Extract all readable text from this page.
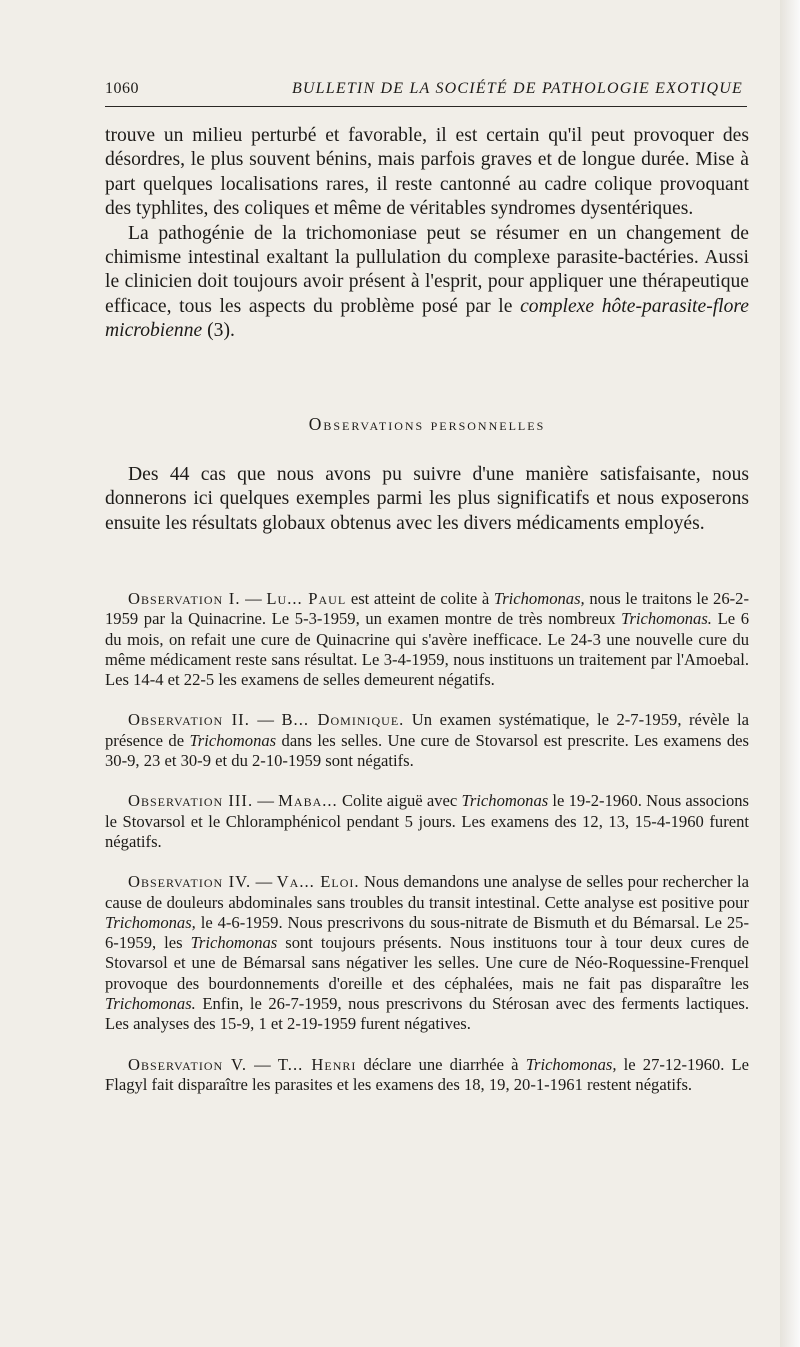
1060	BULLETIN DE LA SOCIÉTÉ DE PATHOLOGIE EXOTIQUE

trouve un milieu perturbé et favorable, il est certain qu'il peut provoquer des désordres, le plus souvent bénins, mais parfois graves et de longue durée. Mise à part quelques localisations rares, il reste cantonné au cadre colique provoquant des typhlites, des coliques et même de véritables syndromes dysentériques.

La pathogénie de la trichomoniase peut se résumer en un changement de chimisme intestinal exaltant la pullulation du complexe parasite-bactéries. Aussi le clinicien doit toujours avoir présent à l'esprit, pour appliquer une thérapeutique efficace, tous les aspects du problème posé par le complexe hôte-parasite-flore microbienne (3).

Observations personnelles

Des 44 cas que nous avons pu suivre d'une manière satisfaisante, nous donnerons ici quelques exemples parmi les plus significatifs et nous exposerons ensuite les résultats globaux obtenus avec les divers médicaments employés.

Observation I. — Lu... Paul est atteint de colite à Trichomonas, nous le traitons le 26-2-1959 par la Quinacrine. Le 5-3-1959, un examen montre de très nombreux Trichomonas. Le 6 du mois, on refait une cure de Quinacrine qui s'avère inefficace. Le 24-3 une nouvelle cure du même médicament reste sans résultat. Le 3-4-1959, nous instituons un traitement par l'Amoebal. Les 14-4 et 22-5 les examens de selles demeurent négatifs.

Observation II. — B... Dominique. Un examen systématique, le 2-7-1959, révèle la présence de Trichomonas dans les selles. Une cure de Stovarsol est prescrite. Les examens des 30-9, 23 et 30-9 et du 2-10-1959 sont négatifs.

Observation III. — Maba... Colite aiguë avec Trichomonas le 19-2-1960. Nous associons le Stovarsol et le Chloramphénicol pendant 5 jours. Les examens des 12, 13, 15-4-1960 furent négatifs.

Observation IV. — Va... Eloi. Nous demandons une analyse de selles pour rechercher la cause de douleurs abdominales sans troubles du transit intestinal. Cette analyse est positive pour Trichomonas, le 4-6-1959. Nous prescrivons du sous-nitrate de Bismuth et du Bémarsal. Le 25-6-1959, les Trichomonas sont toujours présents. Nous instituons tour à tour deux cures de Stovarsol et une de Bémarsal sans négativer les selles. Une cure de Néo-Roquessine-Frenquel provoque des bourdonnements d'oreille et des céphalées, mais ne fait pas disparaître les Trichomonas. Enfin, le 26-7-1959, nous prescrivons du Stérosan avec des ferments lactiques. Les analyses des 15-9, 1 et 2-19-1959 furent négatives.

Observation V. — T... Henri déclare une diarrhée à Trichomonas, le 27-12-1960. Le Flagyl fait disparaître les parasites et les examens des 18, 19, 20-1-1961 restent négatifs.
